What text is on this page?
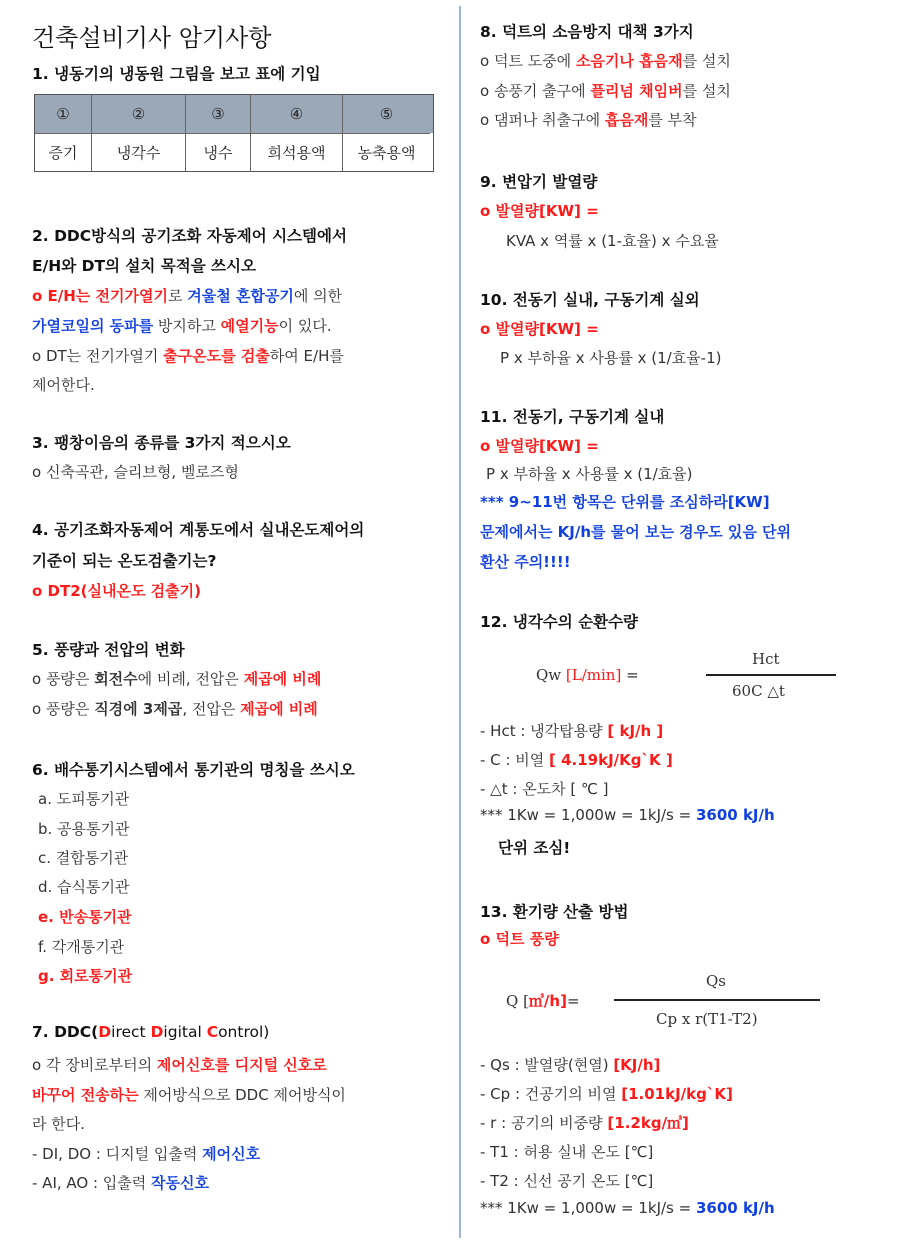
건축설비기사 암기사항
1. 냉동기의 냉동원 그림을 보고 표에 기입
①	②	③	④	⑤
증기	냉각수	냉수	희석용액	농축용액
2. DDC방식의 공기조화 자동제어 시스템에서
E/H와 DT의 설치 목적을 쓰시오
o E/H는 전기가열기로 겨울철 혼합공기에 의한
가열코일의 동파를 방지하고 예열기능이 있다.
o DT는 전기가열기 출구온도를 검출하여 E/H를
제어한다.
3. 팽창이음의 종류를 3가지 적으시오
o 신축곡관, 슬리브형, 벨로즈형
4. 공기조화자동제어 계통도에서 실내온도제어의
기준이 되는 온도검출기는?
o DT2(실내온도 검출기)
5. 풍량과 전압의 변화
o 풍량은 회전수에 비례, 전압은 제곱에 비례
o 풍량은 직경에 3제곱, 전압은 제곱에 비례
6. 배수통기시스템에서 통기관의 명칭을 쓰시오
a. 도피통기관
b. 공용통기관
c. 결합통기관
d. 습식통기관
e. 반송통기관
f. 각개통기관
g. 회로통기관
7. DDC(Direct Digital Control)
o 각 장비로부터의 제어신호를 디지털 신호로
바꾸어 전송하는 제어방식으로 DDC 제어방식이
라 한다.
- DI, DO : 디지털 입출력 제어신호
- AI, AO : 입출력 작동신호
8. 덕트의 소음방지 대책 3가지
o 덕트 도중에 소음기나 흡음재를 설치
o 송풍기 출구에 플리넘 채임버를 설치
o 댐퍼나 취출구에 흡음재를 부착
9. 변압기 발열량
o 발열량[KW] =
KVA x 역률 x (1-효율) x 수요율
10. 전동기 실내, 구동기계 실외
o 발열량[KW] =
P x 부하율 x 사용률 x (1/효율-1)
11. 전동기, 구동기계 실내
o 발열량[KW] =
P x 부하율 x 사용률 x (1/효율)
*** 9~11번 항목은 단위를 조심하라[KW]
문제에서는 KJ/h를 물어 보는 경우도 있음 단위
환산 주의!!!!
12. 냉각수의 순환수량
Qw [L/min] =
Hct
60C △t
- Hct : 냉각탑용량 [ kJ/h ]
- C : 비열 [ 4.19kJ/Kg`K ]
- △t : 온도차 [ ℃ ]
*** 1Kw = 1,000w = 1kJ/s = 3600 kJ/h
단위 조심!
13. 환기량 산출 방법
o 덕트 풍량
Q [㎥/h]=
Qs
Cp x r(T1-T2)
- Qs : 발열량(현열) [KJ/h]
- Cp : 건공기의 비열 [1.01kJ/kg`K]
- r : 공기의 비중량 [1.2kg/㎥]
- T1 : 허용 실내 온도 [℃]
- T2 : 신선 공기 온도 [℃]
*** 1Kw = 1,000w = 1kJ/s = 3600 kJ/h
